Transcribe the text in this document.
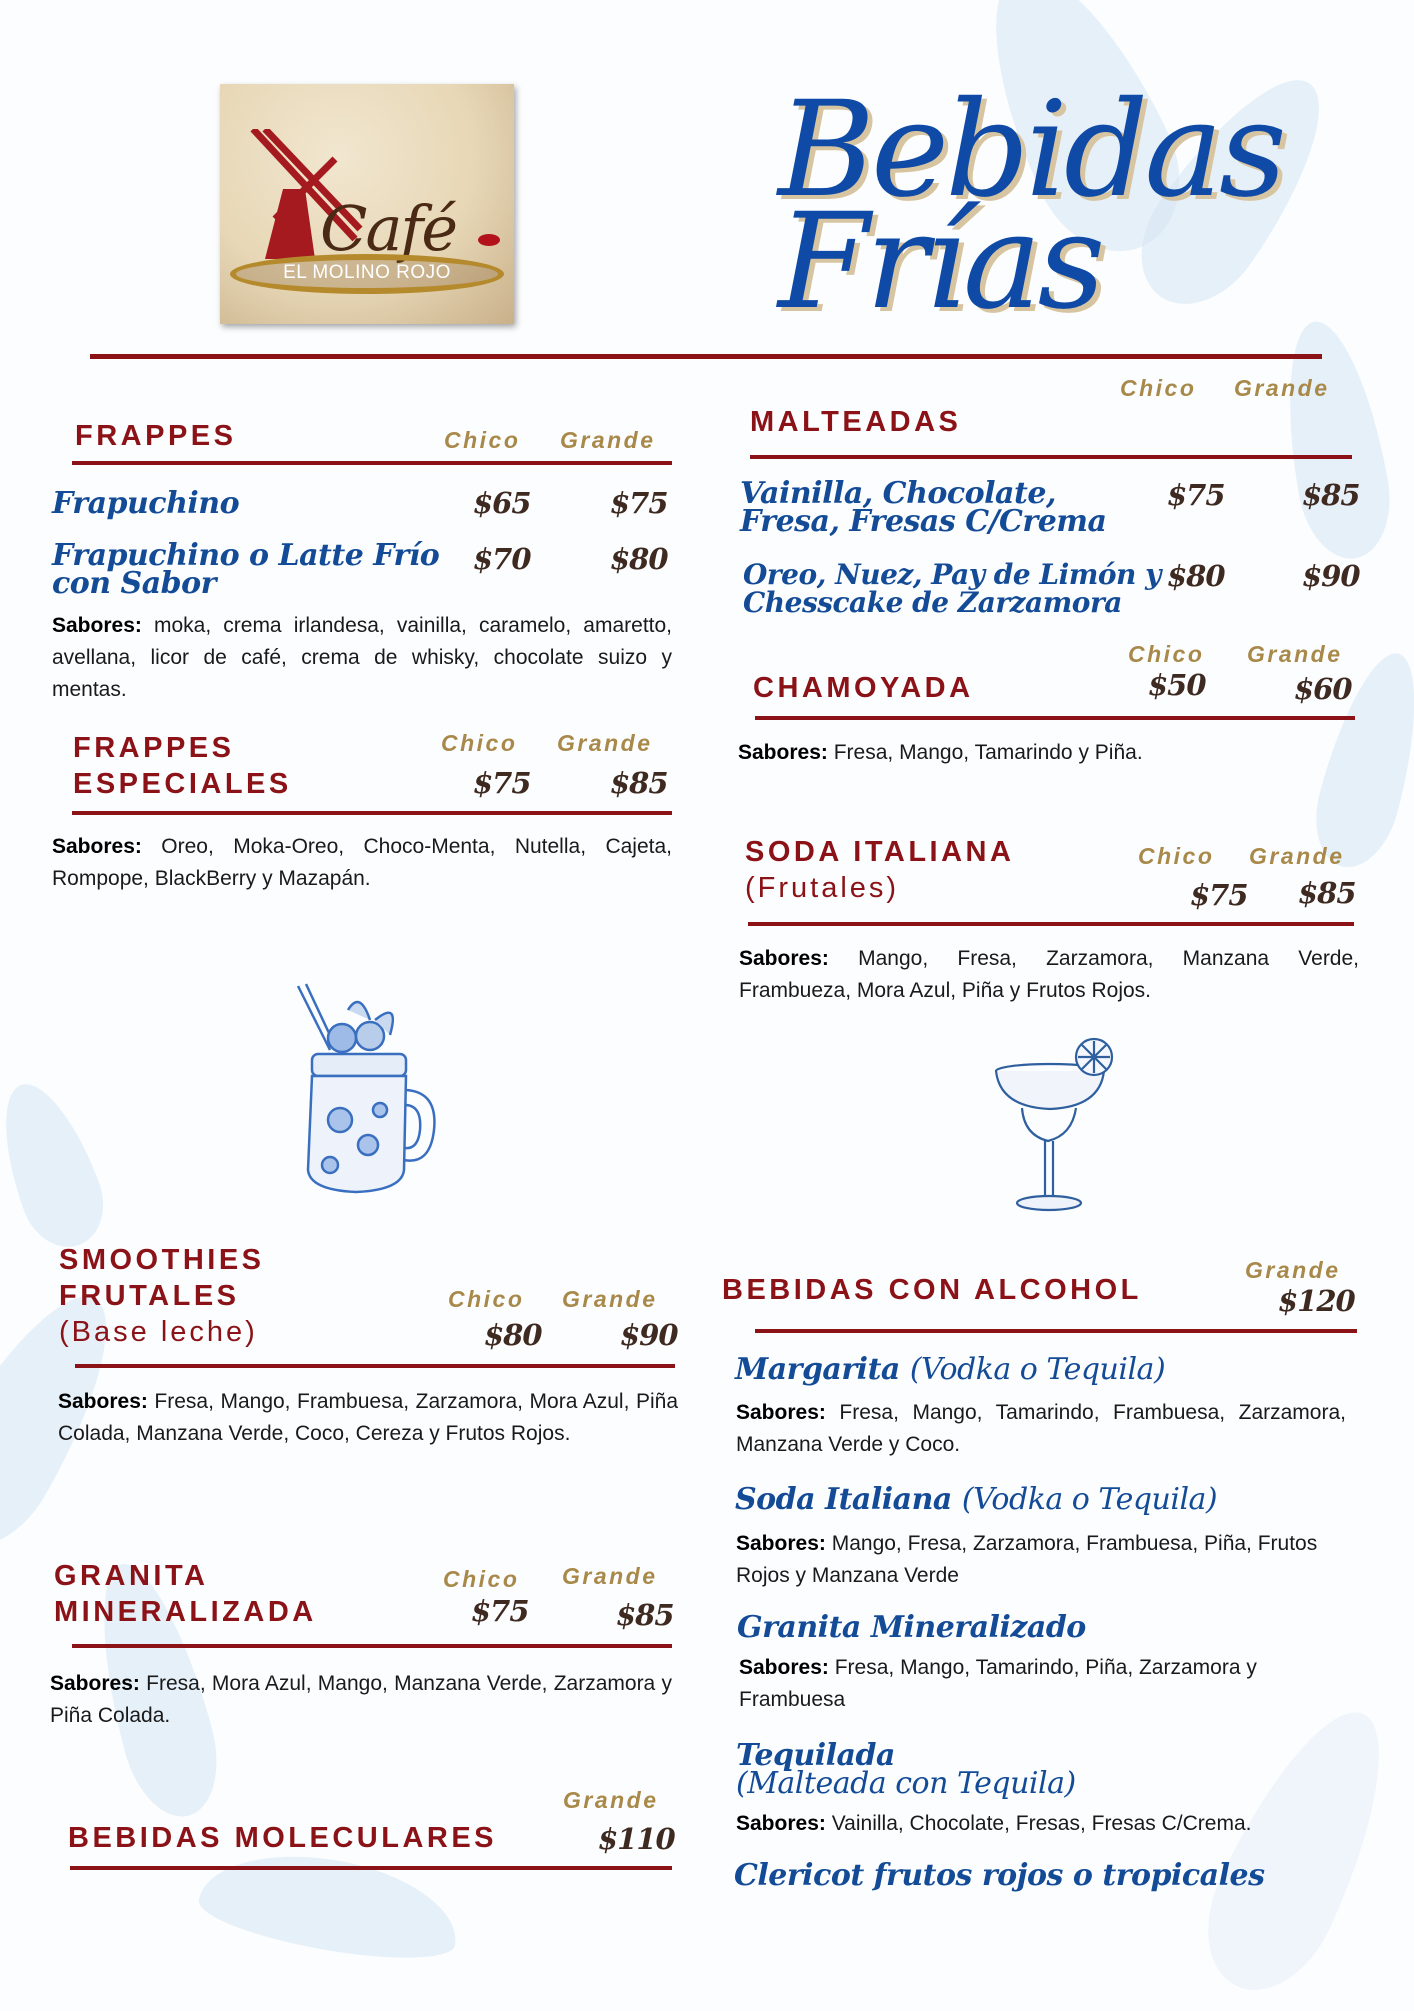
Café
EL MOLINO ROJO
Bebidas
Frías
FRAPPES	Chico Grande
Frapuchino	$65	$75
Frapuchino o Latte Frío
con Sabor
$70	$80
Sabores: moka, crema irlandesa, vainilla, caramelo, amaretto, avellana, licor de café, crema de whisky, chocolate suizo y mentas.
FRAPPES
ESPECIALES
Chico Grande
$75	$85
Sabores: Oreo, Moka-Oreo, Choco-Menta, Nutella, Cajeta, Rompope, BlackBerry y Mazapán.
SMOOTHIES
FRUTALES
(Base leche)
Chico Grande
$80	$90
Sabores: Fresa, Mango, Frambuesa, Zarzamora, Mora Azul, Piña Colada, Manzana Verde, Coco, Cereza y Frutos Rojos.
GRANITA
MINERALIZADA
Chico Grande
$75	$85
Sabores: Fresa, Mora Azul, Mango, Manzana Verde, Zarzamora y Piña Colada.
Grande
BEBIDAS MOLECULARES	$110
Chico Grande
MALTEADAS
Vainilla, Chocolate,
Fresa, Fresas C/Crema
$75	$85
Oreo, Nuez, Pay de Limón y
Chesscake de Zarzamora
$80	$90
Chico Grande
CHAMOYADA	$50	$60
Sabores: Fresa, Mango, Tamarindo y Piña.
SODA ITALIANA
(Frutales)
Chico Grande
$75 $85
Sabores: Mango, Fresa, Zarzamora, Manzana Verde, Frambueza, Mora Azul, Piña y Frutos Rojos.
Grande
BEBIDAS CON ALCOHOL	$120
Margarita (Vodka o Tequila)
Sabores: Fresa, Mango, Tamarindo, Frambuesa, Zarzamora, Manzana Verde y Coco.
Soda Italiana (Vodka o Tequila)
Sabores: Mango, Fresa, Zarzamora, Frambuesa, Piña, Frutos Rojos y Manzana Verde
Granita Mineralizado
Sabores: Fresa, Mango, Tamarindo, Piña, Zarzamora y Frambuesa
Tequilada
(Malteada con Tequila)
Sabores: Vainilla, Chocolate, Fresas, Fresas C/Crema.
Clericot frutos rojos o tropicales
